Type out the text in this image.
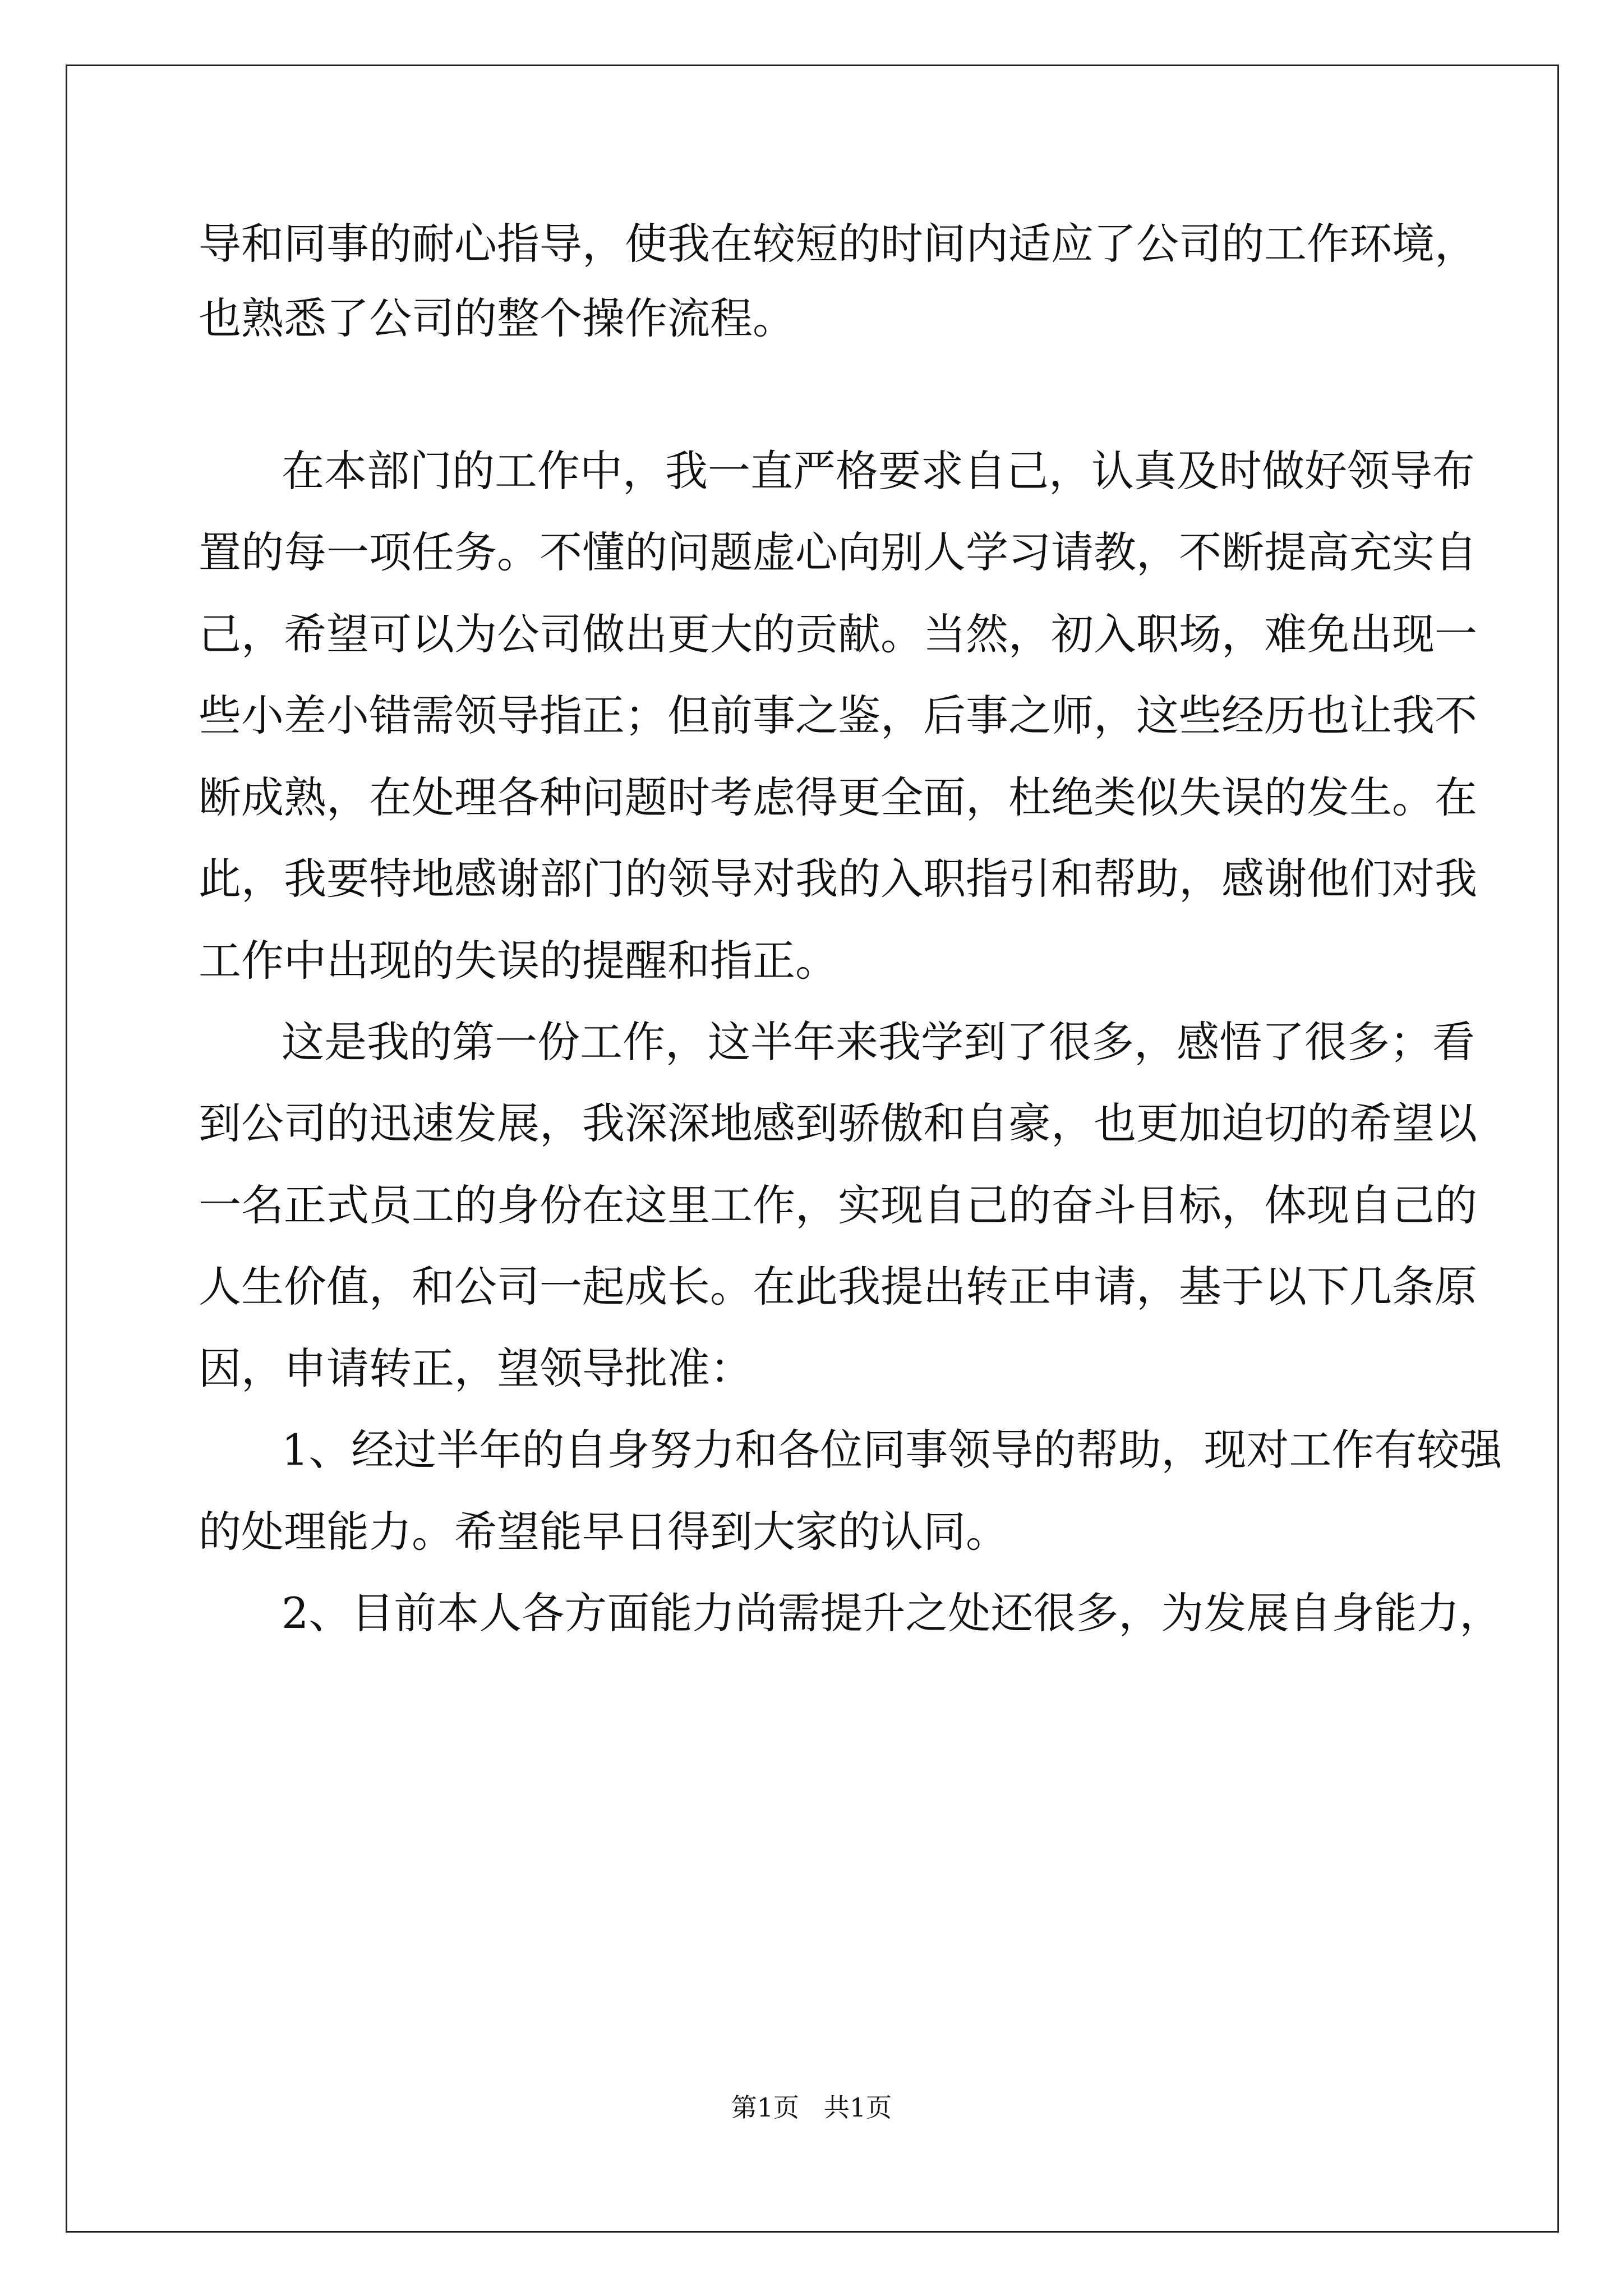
导和同事的耐心指导，使我在较短的时间内适应了公司的工作环境，
也熟悉了公司的整个操作流程。
在本部门的工作中，我一直严格要求自己，认真及时做好领导布
置的每一项任务。不懂的问题虚心向别人学习请教，不断提高充实自
己，希望可以为公司做出更大的贡献。当然，初入职场，难免出现一
些小差小错需领导指正；但前事之鉴，后事之师，这些经历也让我不
断成熟，在处理各种问题时考虑得更全面，杜绝类似失误的发生。在
此，我要特地感谢部门的领导对我的入职指引和帮助，感谢他们对我
工作中出现的失误的提醒和指正。
这是我的第一份工作，这半年来我学到了很多，感悟了很多；看
到公司的迅速发展，我深深地感到骄傲和自豪，也更加迫切的希望以
一名正式员工的身份在这里工作，实现自己的奋斗目标，体现自己的
人生价值，和公司一起成长。在此我提出转正申请，基于以下几条原
因，申请转正，望领导批准：
1、经过半年的自身努力和各位同事领导的帮助，现对工作有较强
的处理能力。希望能早日得到大家的认同。
2、目前本人各方面能力尚需提升之处还很多，为发展自身能力，
第1页   共1页
